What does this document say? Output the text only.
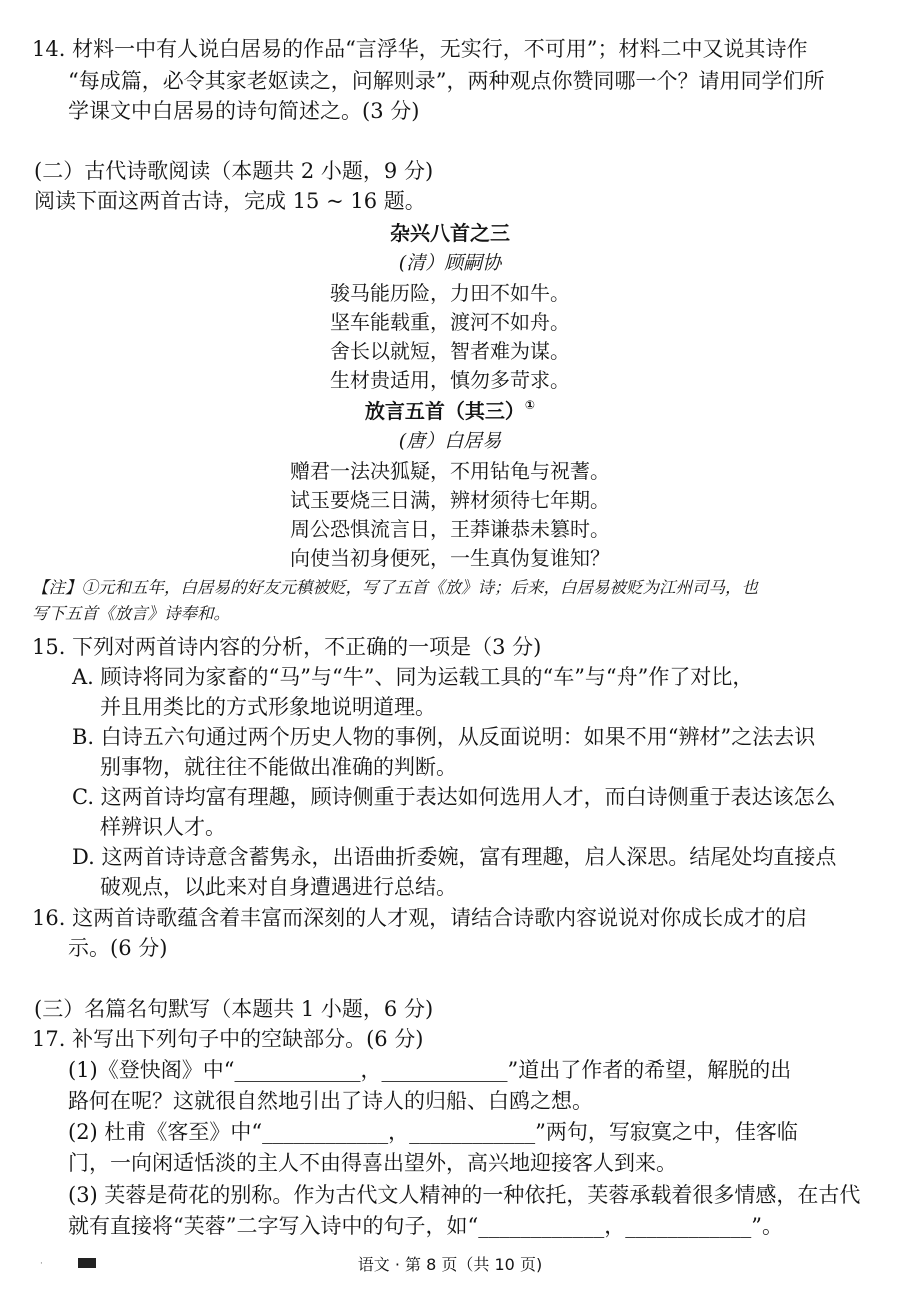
14. 材料一中有人说白居易的作品“言浮华，无实行，不可用”；材料二中又说其诗作
“每成篇，必令其家老妪读之，问解则录”，两种观点你赞同哪一个？请用同学们所
学课文中白居易的诗句简述之。(3 分)
(二）古代诗歌阅读（本题共 2 小题，9 分)
阅读下面这两首古诗，完成 15 ~ 16 题。
杂兴八首之三
(清）顾嗣协
骏马能历险，力田不如牛。
坚车能载重，渡河不如舟。
舍长以就短，智者难为谋。
生材贵适用，慎勿多苛求。
放言五首（其三）①
(唐）白居易
赠君一法决狐疑，不用钻龟与祝蓍。
试玉要烧三日满，辨材须待七年期。
周公恐惧流言日，王莽谦恭未篡时。
向使当初身便死，一生真伪复谁知？
【注】①元和五年，白居易的好友元稹被贬，写了五首《放》诗；后来，白居易被贬为江州司马，也
写下五首《放言》诗奉和。
15. 下列对两首诗内容的分析，不正确的一项是（3 分)
A. 顾诗将同为家畜的“马”与“牛”、同为运载工具的“车”与“舟”作了对比，
并且用类比的方式形象地说明道理。
B. 白诗五六句通过两个历史人物的事例，从反面说明：如果不用“辨材”之法去识
别事物，就往往不能做出准确的判断。
C. 这两首诗均富有理趣，顾诗侧重于表达如何选用人才，而白诗侧重于表达该怎么
样辨识人才。
D. 这两首诗诗意含蓄隽永，出语曲折委婉，富有理趣，启人深思。结尾处均直接点
破观点，以此来对自身遭遇进行总结。
16. 这两首诗歌蕴含着丰富而深刻的人才观，请结合诗歌内容说说对你成长成才的启
示。(6 分)
(三）名篇名句默写（本题共 1 小题，6 分)
17. 补写出下列句子中的空缺部分。(6 分)
(1)《登快阁》中“____________，____________”道出了作者的希望，解脱的出
路何在呢？这就很自然地引出了诗人的归船、白鸥之想。
(2) 杜甫《客至》中“____________，____________”两句，写寂寞之中，佳客临
门，一向闲适恬淡的主人不由得喜出望外，高兴地迎接客人到来。
(3) 芙蓉是荷花的别称。作为古代文人精神的一种依托，芙蓉承载着很多情感，在古代
就有直接将“芙蓉”二字写入诗中的句子，如“____________，____________”。
·	语文 · 第 8 页（共 10 页)
